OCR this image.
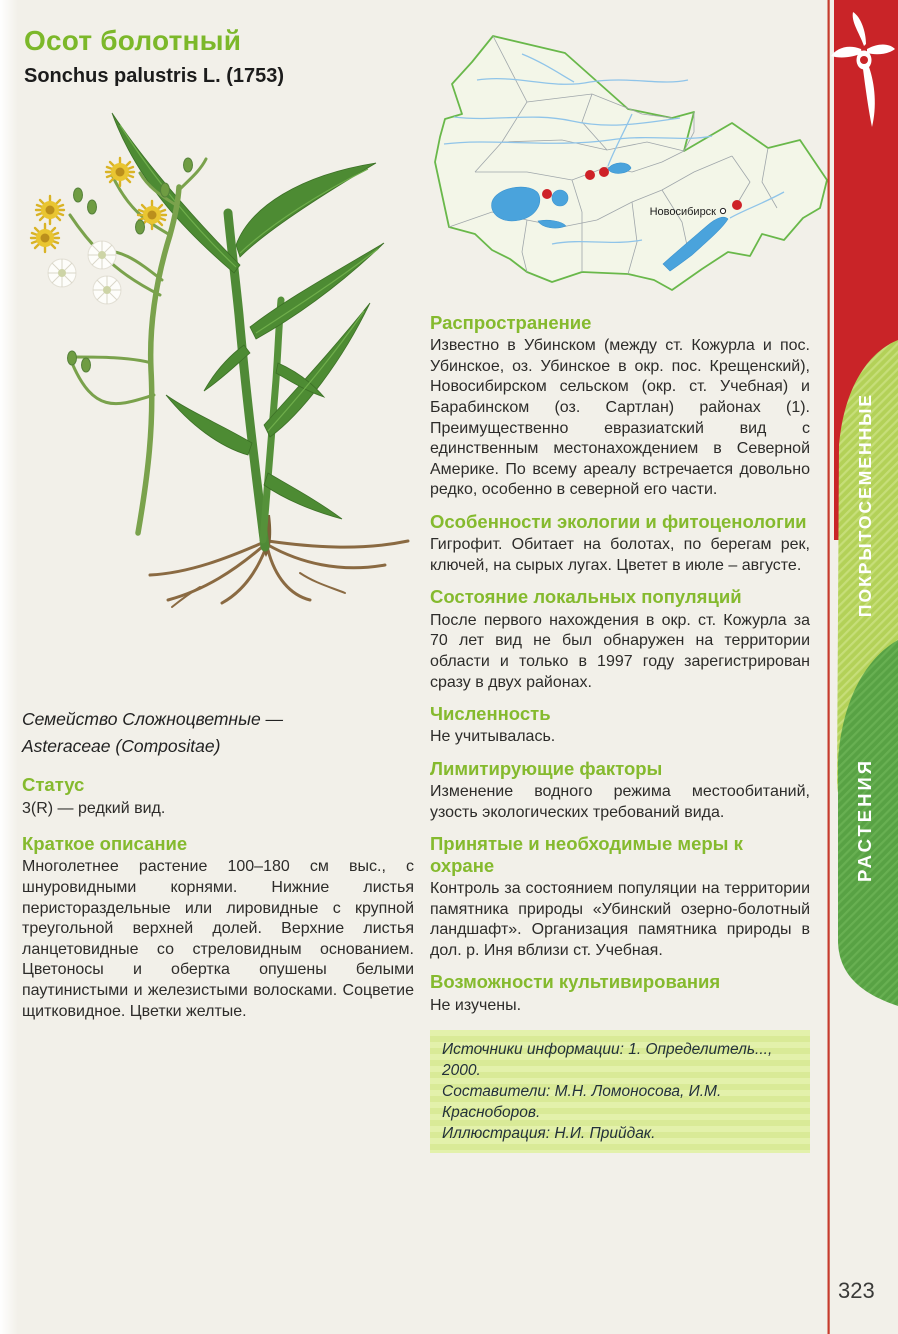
Осот болотный
Sonchus palustris L. (1753)
Новосибирск

Семейство Сложноцветные —
Asteraceae (Compositae)

Статус

3(R) — редкий вид.

Краткое описание

Многолетнее растение 100–180 см выс., с шнуровидными корнями. Нижние листья перистораздельные или лировидные с крупной треугольной верхней долей. Верхние листья ланцетовидные со стреловидным основанием. Цветоносы и обертка опушены белыми паутинистыми и железистыми волосками. Соцветие щитковидное. Цветки желтые.

Распространение

Известно в Убинском (между ст. Кожурла и пос. Убинское, оз. Убинское в окр. пос. Крещенский), Новосибирском сельском (окр. ст. Учебная) и Барабинском (оз. Сартлан) районах (1). Преимущественно евразиатский вид с единственным местонахождением в Северной Америке. По всему ареалу встречается довольно редко, особенно в северной его части.

Особенности экологии и фитоценологии

Гигрофит. Обитает на болотах, по берегам рек, ключей, на сырых лугах. Цветет в июле – августе.

Состояние локальных популяций

После первого нахождения в окр. ст. Кожурла за 70 лет вид не был обнаружен на территории области и только в 1997 году зарегистрирован сразу в двух районах.

Численность

Не учитывалась.

Лимитирующие факторы

Изменение водного режима местообитаний, узость экологических требований вида.

Принятые и необходимые меры к охране

Контроль за состоянием популяции на территории памятника природы «Убинский озерно-болотный ландшафт». Организация памятника природы в дол. р. Иня вблизи ст. Учебная.

Возможности культивирования

Не изучены.

Источники информации: 1. Определитель..., 2000.

Составители: М.Н. Ломоносова, И.М. Красноборов.

Иллюстрация: Н.И. Прийдак.

ПОКРЫТОСЕМЕННЫЕ
РАСТЕНИЯ
323
